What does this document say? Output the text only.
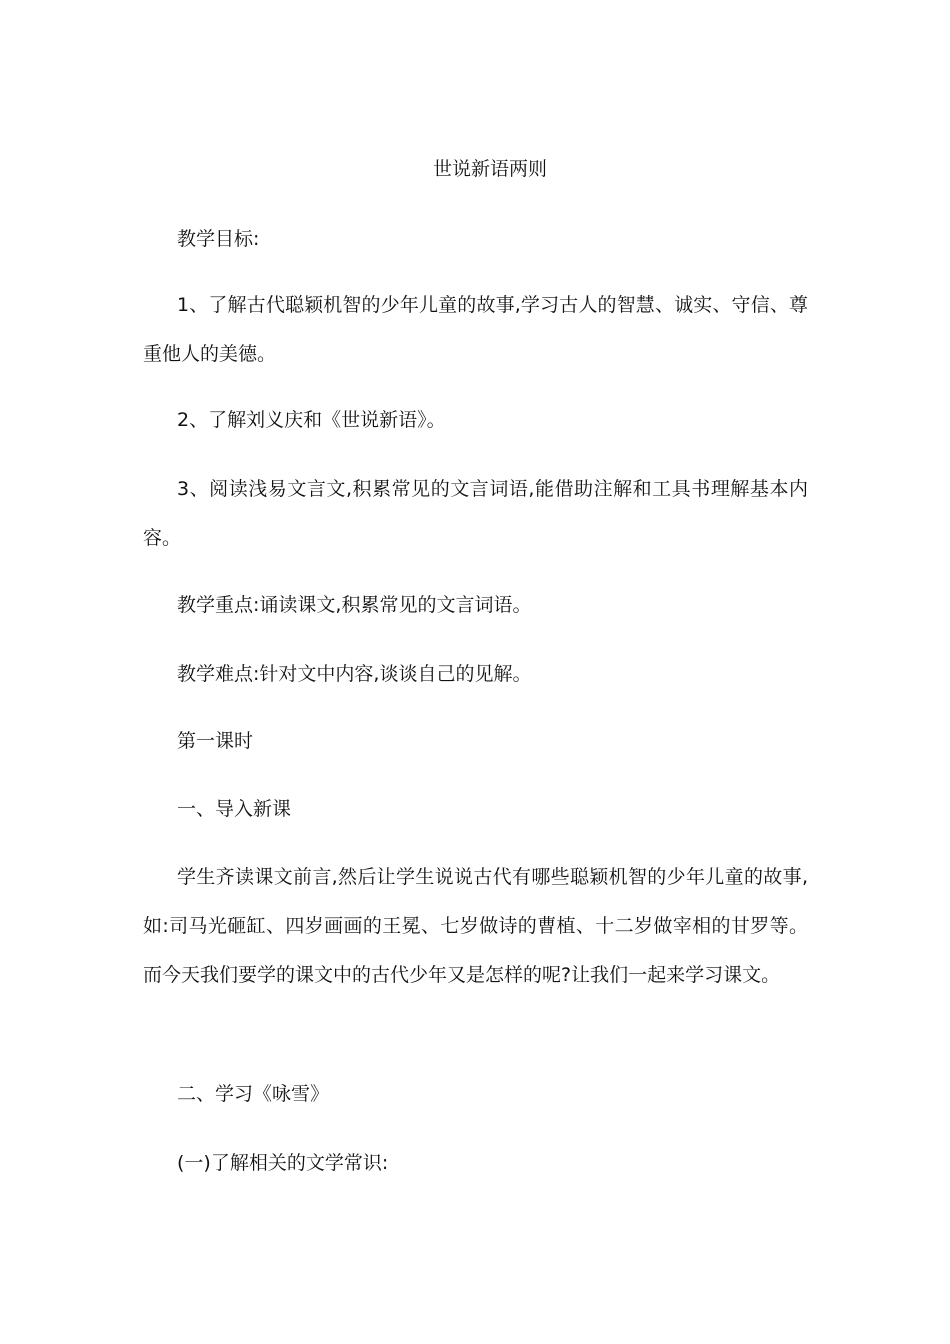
世说新语两则
教学目标:
1、了解古代聪颖机智的少年儿童的故事,学习古人的智慧、诚实、守信、尊重他人的美德。
2、了解刘义庆和《世说新语》。
3、阅读浅易文言文,积累常见的文言词语,能借助注解和工具书理解基本内容。
教学重点:诵读课文,积累常见的文言词语。
教学难点:针对文中内容,谈谈自己的见解。
第一课时
一、导入新课
学生齐读课文前言,然后让学生说说古代有哪些聪颖机智的少年儿童的故事,如:司马光砸缸、四岁画画的王冕、七岁做诗的曹植、十二岁做宰相的甘罗等。而今天我们要学的课文中的古代少年又是怎样的呢?让我们一起来学习课文。
二、学习《咏雪》
(一)了解相关的文学常识:
